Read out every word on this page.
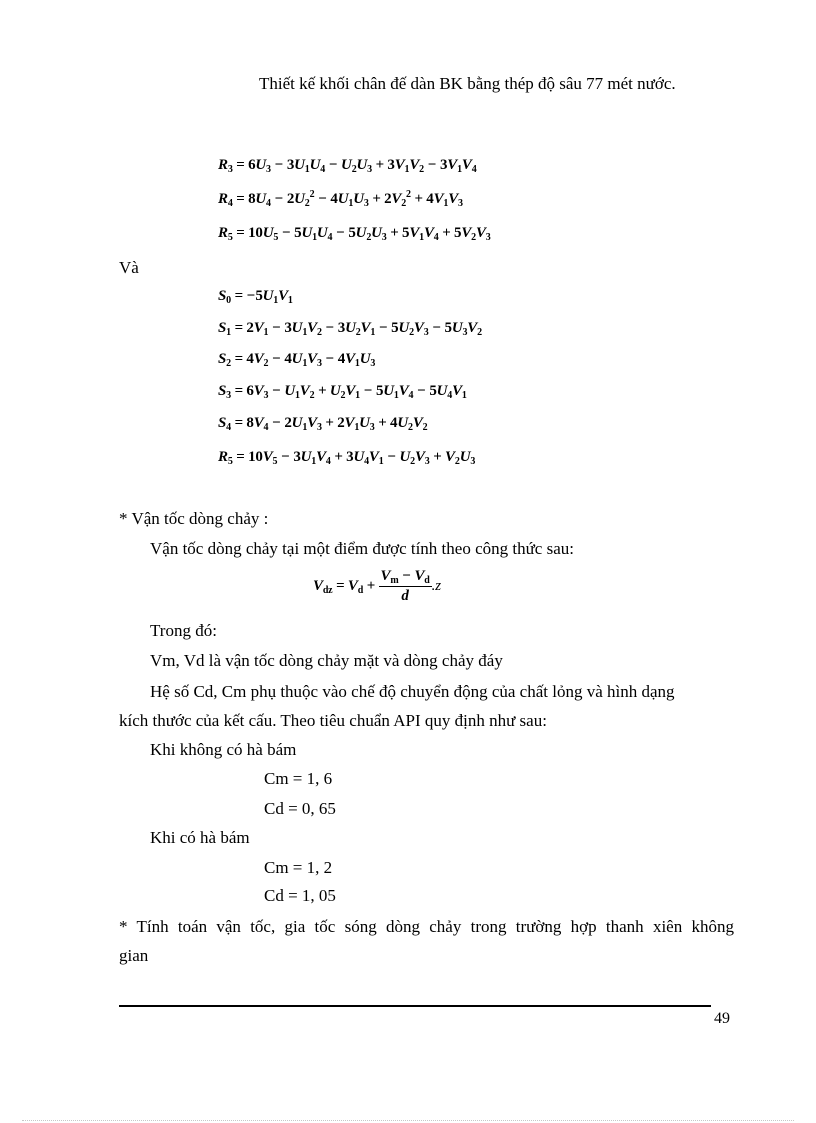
Thiết kế khối chân đế dàn BK bằng thép độ sâu 77 mét nước.
$R_3 = 6U_3 - 3U_1U_4 - U_2U_3 + 3V_1V_2 - 3V_1V_4$
$R_4 = 8U_4 - 2U_2^2 - 4U_1U_3 + 2V_2^2 + 4V_1V_3$
$R_5 = 10U_5 - 5U_1U_4 - 5U_2U_3 + 5V_1V_4 + 5V_2V_3$
Và
$S_0 = -5U_1V_1$
$S_1 = 2V_1 - 3U_1V_2 - 3U_2V_1 - 5U_2V_3 - 5U_3V_2$
$S_2 = 4V_2 - 4U_1V_3 - 4V_1U_3$
$S_3 = 6V_3 - U_1V_2 + U_2V_1 - 5U_1V_4 - 5U_4V_1$
$S_4 = 8V_4 - 2U_1V_3 + 2V_1U_3 + 4U_2V_2$
$R_5 = 10V_5 - 3U_1V_4 + 3U_4V_1 - U_2V_3 + V_2U_3$
* Vận tốc dòng chảy :
Vận tốc dòng chảy tại một điểm được tính theo công thức sau:
$V_{dz} = V_d + \frac{V_m - V_d}{d} .z$
Trong đó:
Vm, Vd là vận tốc dòng chảy mặt và dòng chảy đáy
Hệ số Cd, Cm phụ thuộc vào chế độ chuyển động của chất lỏng và hình dạng
kích thước của kết cấu. Theo tiêu chuẩn API quy định như sau:
Khi không có hà bám
Cm = 1, 6
Cd = 0, 65
Khi có hà bám
Cm = 1, 2
Cd = 1, 05
* Tính toán vận tốc, gia tốc sóng dòng chảy trong trường hợp thanh xiên không
gian
49
